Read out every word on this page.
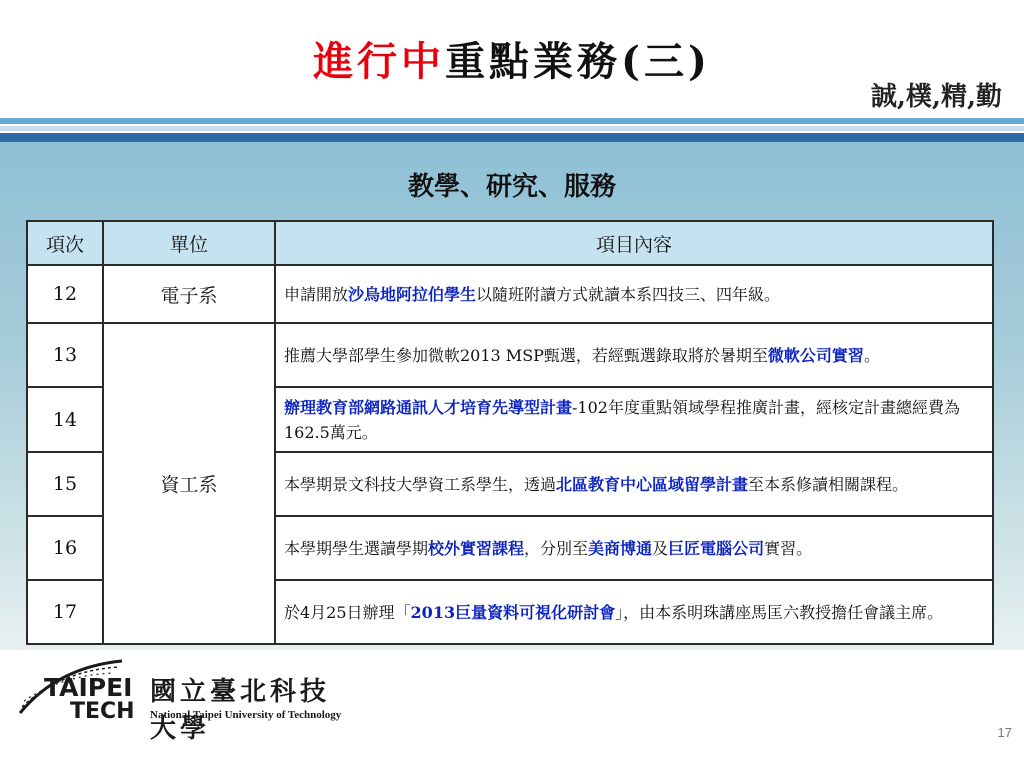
進行中重點業務(三)
誠,樸,精,勤
教學、研究、服務
項次	單位	項目內容
12	電子系	申請開放沙烏地阿拉伯學生以隨班附讀方式就讀本系四技三、四年級。
13	資工系	推薦大學部學生參加微軟2013 MSP甄選，若經甄選錄取將於暑期至微軟公司實習。
14		辦理教育部網路通訊人才培育先導型計畫-102年度重點領域學程推廣計畫，經核定計畫總經費為162.5萬元。
15		本學期景文科技大學資工系學生，透過北區教育中心區域留學計畫至本系修讀相關課程。
16		本學期學生選讀學期校外實習課程，分別至美商博通及巨匠電腦公司實習。
17		於4月25日辦理「2013巨量資料可視化研討會」，由本系明珠講座馬匡六教授擔任會議主席。
TAIPEI
TECH
國立臺北科技大學
National Taipei University of Technology
17
